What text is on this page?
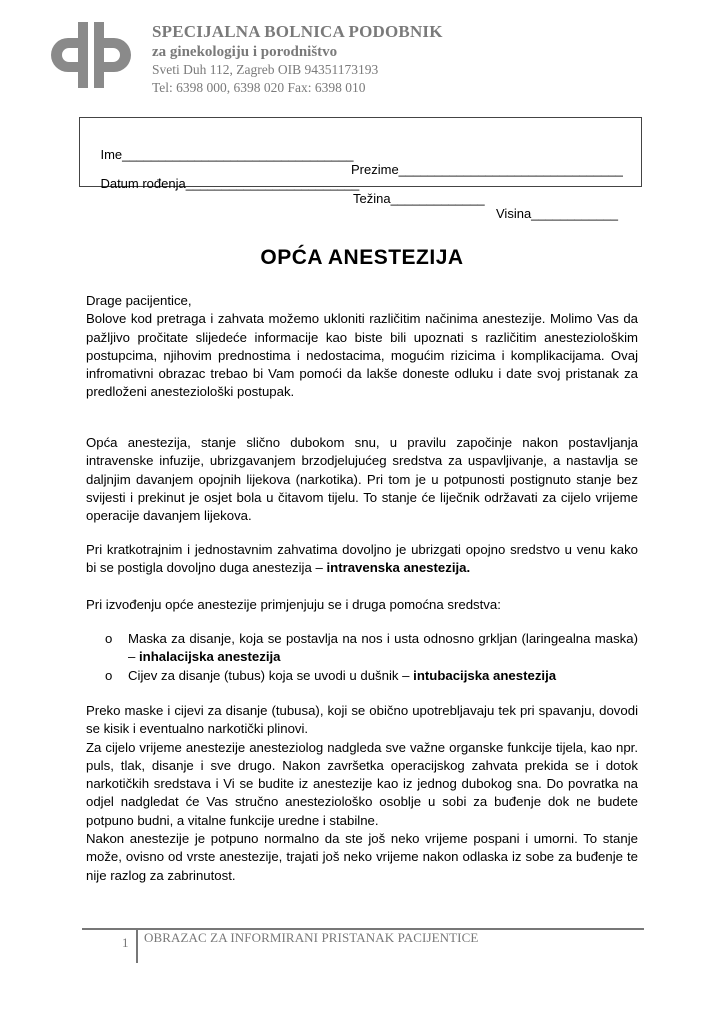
SPECIJALNA BOLNICA PODOBNIK
za ginekologiju i porodništvo
Sveti Duh 112, Zagreb OIB 94351173193
Tel: 6398 000, 6398 020 Fax: 6398 010

Ime________________________________

Prezime_______________________________

Datum rođenja________________________

Težina_____________

Visina____________

OPĆA ANESTEZIJA

Drage pacijentice,

Bolove kod pretraga i zahvata možemo ukloniti različitim načinima anestezije. Molimo Vas da pažljivo pročitate slijedeće informacije kao biste bili upoznati s različitim anesteziološkim postupcima, njihovim prednostima i nedostacima, mogućim rizicima i komplikacijama. Ovaj infromativni obrazac trebao bi Vam pomoći da lakše doneste odluku i date svoj pristanak za predloženi anesteziološki postupak.

Opća anestezija, stanje slično dubokom snu, u pravilu započinje nakon postavljanja intravenske infuzije, ubrizgavanjem brzodjelujućeg sredstva za uspavljivanje, a nastavlja se daljnjim davanjem opojnih lijekova (narkotika). Pri tom je u potpunosti postignuto stanje bez svijesti i prekinut je osjet bola u čitavom tijelu. To stanje će liječnik održavati za cijelo vrijeme operacije davanjem lijekova.

Pri kratkotrajnim i jednostavnim zahvatima dovoljno je ubrizgati opojno sredstvo u venu kako bi se postigla dovoljno duga anestezija – intravenska anestezija.

Pri izvođenju opće anestezije primjenjuju se i druga pomoćna sredstva:

o Maska za disanje, koja se postavlja na nos i usta odnosno grkljan (laringealna maska) – inhalacijska anestezija
o Cijev za disanje (tubus) koja se uvodi u dušnik – intubacijska anestezija

Preko maske i cijevi za disanje (tubusa), koji se obično upotrebljavaju tek pri spavanju, dovodi se kisik i eventualno narkotički plinovi.

Za cijelo vrijeme anestezije anesteziolog nadgleda sve važne organske funkcije tijela, kao npr. puls, tlak, disanje i sve drugo. Nakon završetka operacijskog zahvata prekida se i dotok narkotičkih sredstava i Vi se budite iz anestezije kao iz jednog dubokog sna. Do povratka na odjel nadgledat će Vas stručno anesteziološko osoblje u sobi za buđenje dok ne budete potpuno budni, a vitalne funkcije uredne i stabilne.

Nakon anestezije je potpuno normalno da ste još neko vrijeme pospani i umorni. To stanje može, ovisno od vrste anestezije, trajati još neko vrijeme nakon odlaska iz sobe za buđenje te nije razlog za zabrinutost.

1 OBRAZAC ZA INFORMIRANI PRISTANAK PACIJENTICE
